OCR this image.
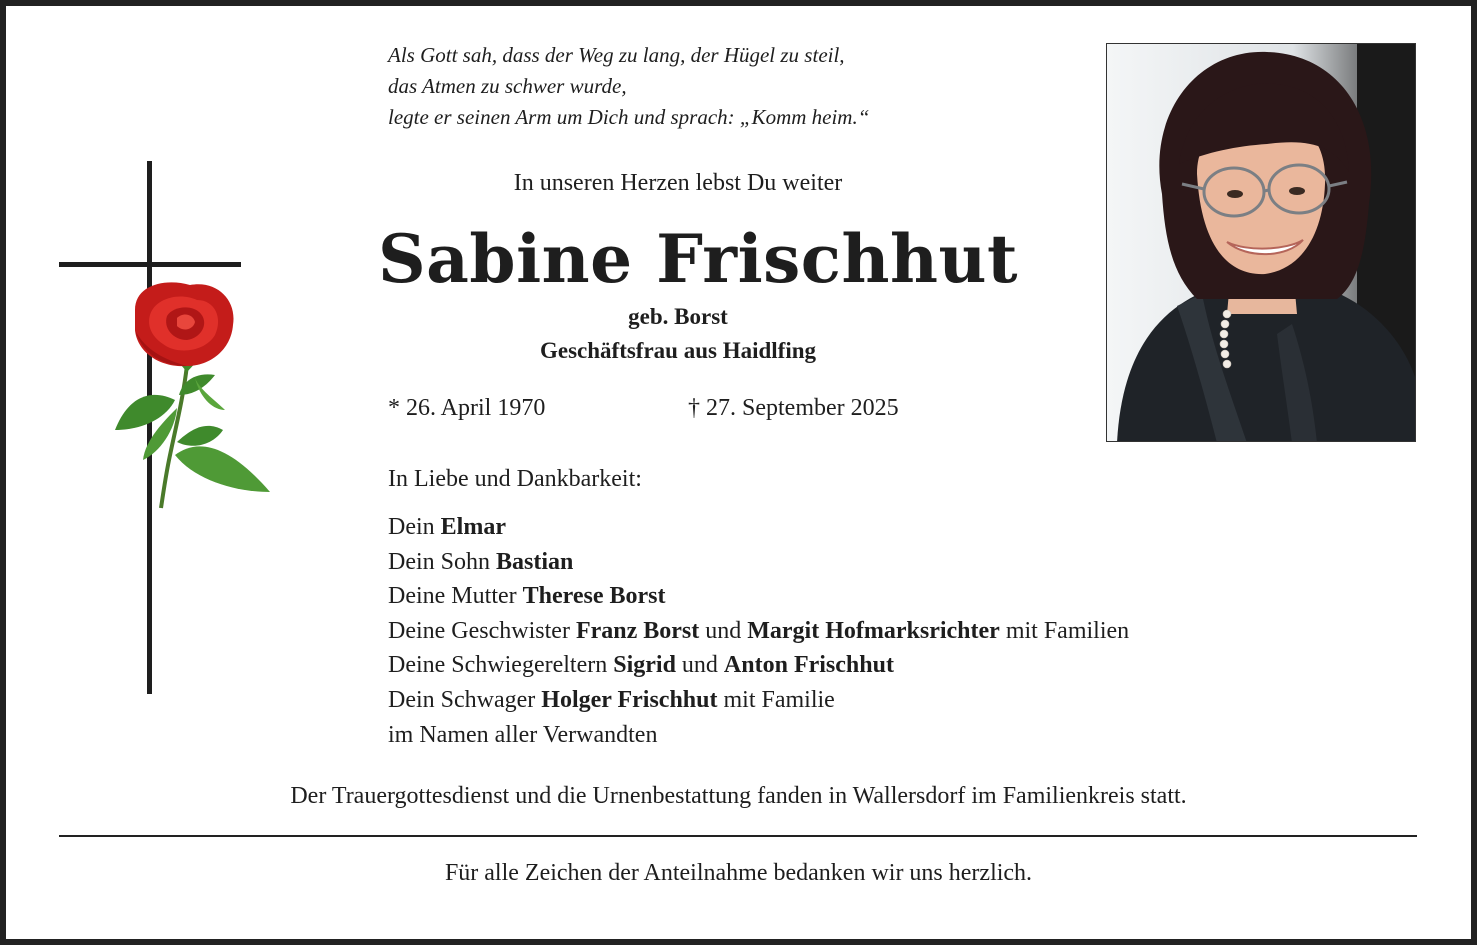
Als Gott sah, dass der Weg zu lang, der Hügel zu steil,
das Atmen zu schwer wurde,
legte er seinen Arm um Dich und sprach: „Komm heim.“
In unseren Herzen lebst Du weiter
Sabine Frischhut
geb. Borst
Geschäftsfrau aus Haidlfing
* 26. April 1970	† 27. September 2025
In Liebe und Dankbarkeit:
Dein Elmar
Dein Sohn Bastian
Deine Mutter Therese Borst
Deine Geschwister Franz Borst und Margit Hofmarksrichter mit Familien
Deine Schwiegereltern Sigrid und Anton Frischhut
Dein Schwager Holger Frischhut mit Familie
im Namen aller Verwandten
Der Trauergottesdienst und die Urnenbestattung fanden in Wallersdorf im Familienkreis statt.
Für alle Zeichen der Anteilnahme bedanken wir uns herzlich.
